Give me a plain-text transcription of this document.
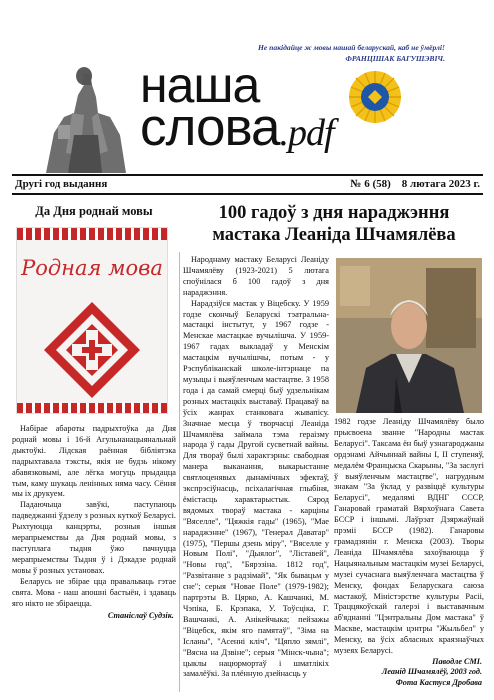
Не пакідайце ж мовы нашай беларускай, каб не ўмёрлі!
ФРАНЦІШАК БАГУШЭВІЧ.
наша
слова.pdf
Другі год выдання	№ 6 (58)    8 лютага 2023 г.
Да Дня роднай мовы
Родная мова

Набірае абароты падрыхтоўка да Дня роднай мовы і 16-й Агульнанацыянальнай дыктоўкі. Лідская раённая бібліятэка падрыхтавала тэксты, якія не будзь нікому абавязковымі, але лёгка могуць прыдацца тым, каму шукаць ленінных няма часу. Сёння мы іх друкуем.

Падаючыца завўкі, паступаюць падведжанні ўдзелу з розных куткоў Беларусі. Рыхтуюцца канцэрты, розныя іншыя мерапрыемствы да Дня роднай мовы, з паступлага тыдня ўжо пачнуцца мерапрыемствы Тыдня ў і Дэкадзе роднай мовы ў розных установах.

Беларусь не збірае цца правальваць гэтае свята. Мова - наш апошні бастыён, і здаваць яго нікто не збіраецца.

Станіслаў Судзік.

100 гадоў з дня нараджэння мастака Леаніда Шчамялёва

Народнаму мастаку Беларусі Леаніду Шчамялёву (1923-2021) 5 лютага споўнілася б 100 гадоў з дня нараджэння.

Нарадзіўся мастак у Віцебску. У 1959 годзе скончыў Беларускі тэатральна-мастацкі інстытут, у 1967 годзе - Менскае мастацкае вучылішча. У 1959-1967 гадах выкладаў у Менскім мастацкім вучылішчы, потым - у Рэспубліканскай школе-інтэрнаце па музыцы і выяўленчым мастацтве. З 1958 года і да самай смерці быў удзельнікам розных мастацкіх выставаў. Працаваў ва ўсіх жанрах станковага жывапісу. Значнае месца ў творчасці Леаніда Шчамялёва займала тэма гераізму народа ў гады Другой сусветнай вайны. Для твораў былі характэрны: свабодная манера выканання, выкарыстанне святлоценявых дынамічных эфектаў, экспрэсіўнасць, псіхалагічная глыбіня, ёмістасць характарыстык. Сярод вядомых твораў мастака - карціны "Вяселле", "Цяжкія гады" (1965), "Мае нараджэнне" (1967), "Генерал Даватар" (1975), "Першы дзень міру", "Вяселле у Новым Полі", "Дыялог", "Ліставей", "Новы год", "Бярэзіна. 1812 год", "Развітанне з радзімай", "Як бывацьм у сне"; серыя "Новае Поле" (1979-1982); партрэты В. Цярко, А. Кашчанкі, М. Чэпіка, Б. Крэпака, У. Тоўсціка, Г. Вашчанкі, А. Анікейчыка; пейзажы "Віцебск, якім яго памятаў", "Зіма на Ісланы", "Асенні кліч", "Цяпло зямлі", "Вясна на Дзвіне"; серыя "Мінск-чына"; цыклы нацюрмортаў і шматлікіх замалёўкі. За плённую дзейнасць у

1982 годзе Леаніду Шчамялёву было прысвоена званне "Народны мастак Беларусі". Таксама ён быў узнагароджаны ордэнамі Айчыннай вайны I, II ступеняў, медалём Францыска Скарыны, "За заслугі ў выяўленчым мастацтве", нагрудным знакам "За ўклад у развіццё культуры Беларусі", медалямі ВДНГ СССР, Ганаровай граматай Вярхоўнага Савета БССР і іншымі. Лаўрэат Дзяржаўнай прэміі БССР (1982). Ганаровы грамадзянін г. Менска (2003). Творы Леаніда Шчамялёва захоўваюцца ў Нацыянальным мастацкім музеі Беларусі, музеі сучаснага выяўленчага мастацтва ў Менску, фондах Беларускага саюза мастакоў, Міністэрстве культуры Расіі, Траццякоўскай галерэі і выставачным аб'яднанні "Цэнтральны Дом мастака" ў Маскве, мастацкім цэнтры "Жыльбел" у Менску, ва ўсіх абласных краязнаўчых музеях Беларусі.

Паводле СМІ.

Леанід Шчамялёў, 2003 год.

Фота Кастуся Дробава
